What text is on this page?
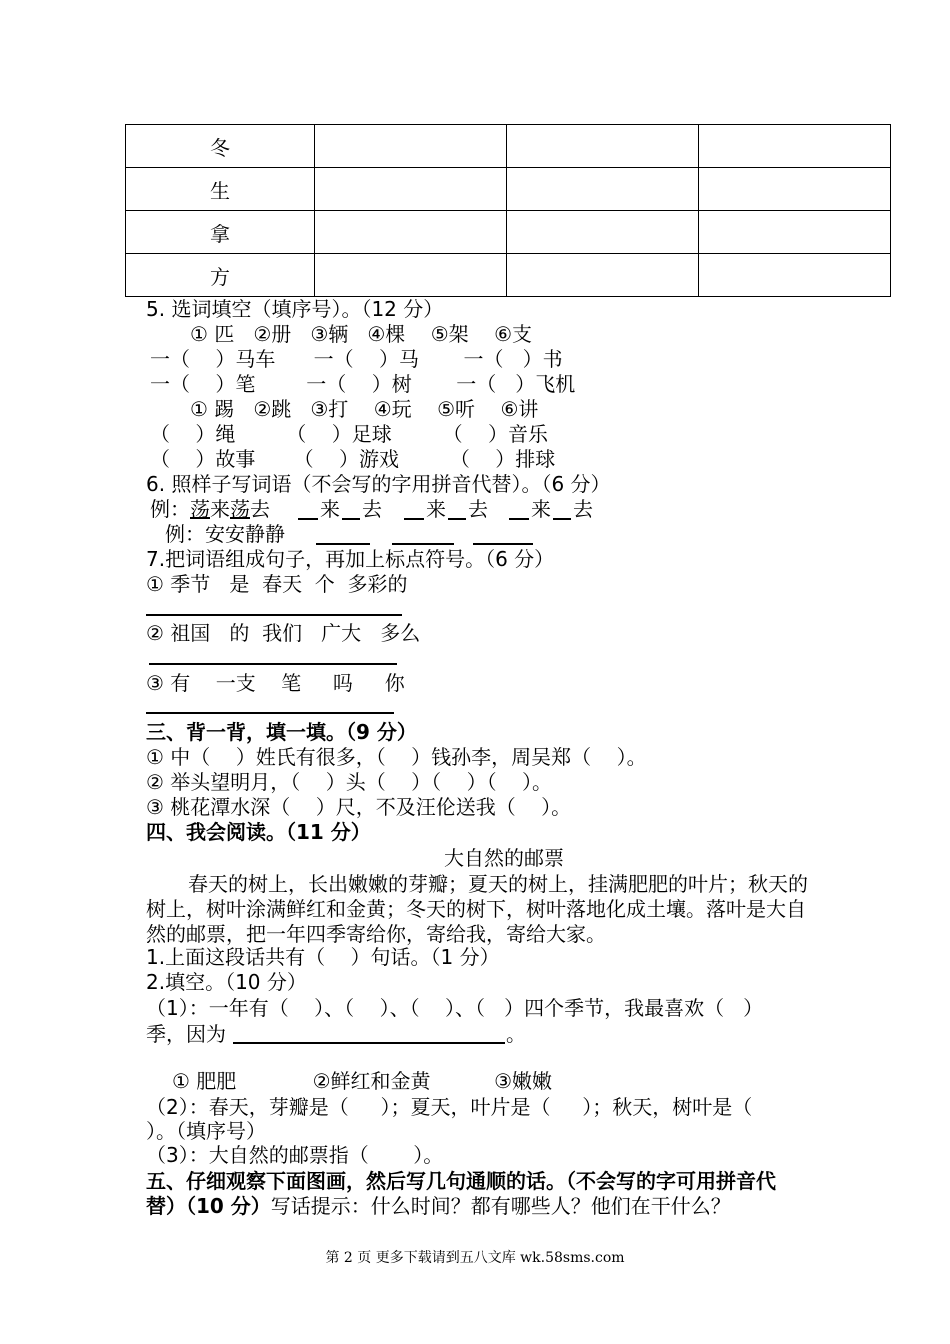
冬			
生			
拿			
方			
5. 选词填空（填序号）。（12 分）
① 匹   ②册   ③辆   ④棵    ⑤架    ⑥支
一（    ）马车      一（    ）马       一（   ）书
一（    ）笔        一（    ）树       一（   ）飞机
① 踢   ②跳   ③打    ④玩    ⑤听    ⑥讲
（    ）绳        （    ）足球        （    ）音乐
（    ）故事      （    ）游戏        （    ）排球
6. 照样子写词语（不会写的字用拼音代替）。（6 分）
例：荡来荡去	来 去 来 去 来 去
例：安安静静
7.把词语组成句子，再加上标点符号。（6 分）
① 季节   是  春天  个  多彩的
② 祖国   的  我们   广大   多么
③ 有    一支    笔     吗     你
三、背一背，填一填。（9 分）
① 中（    ）姓氏有很多，（    ）钱孙李，周吴郑（    ）。
② 举头望明月，（    ）头（    ）（    ）（    ）。
③ 桃花潭水深（    ）尺，不及汪伦送我（    ）。
四、我会阅读。（11 分）
大自然的邮票
春天的树上，长出嫩嫩的芽瓣；夏天的树上，挂满肥肥的叶片；秋天的
树上，树叶涂满鲜红和金黄；冬天的树下，树叶落地化成土壤。落叶是大自
然的邮票，把一年四季寄给你，寄给我，寄给大家。
1.上面这段话共有（    ）句话。（1 分）
2.填空。（10 分）
（1）：一年有（    ）、（    ）、（    ）、（   ）四个季节，我最喜欢（   ）
季，因为	。
① 肥肥            ②鲜红和金黄          ③嫩嫩
（2）：春天，芽瓣是（     ）；夏天，叶片是（     ）；秋天，树叶是（
）。（填序号）
（3）：大自然的邮票指（       ）。
五、仔细观察下面图画，然后写几句通顺的话。（不会写的字可用拼音代
替）（10 分）写话提示：什么时间？都有哪些人？他们在干什么？
第 2 页 更多下载请到五八文库 wk.58sms.com
